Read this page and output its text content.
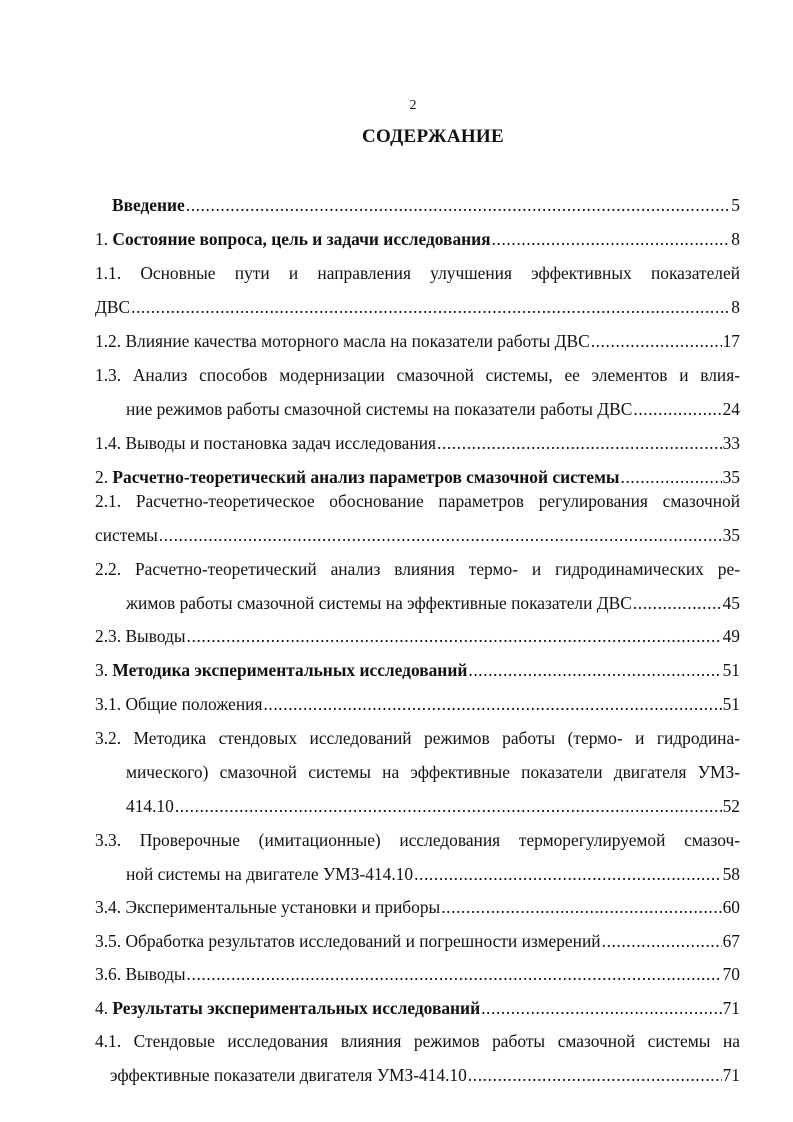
2
СОДЕРЖАНИЕ
Введение .....	5
1. Состояние вопроса, цель и задачи исследования .....	8
1.1. Основные пути и направления улучшения эффективных показателей
ДВС .....	8
1.2. Влияние качества моторного масла на показатели работы ДВС .....	17
1.3. Анализ способов модернизации смазочной системы, ее элементов и влия-
ние режимов работы смазочной системы на показатели работы ДВС .....	24
1.4. Выводы и постановка задач исследования .....	33
2. Расчетно-теоретический анализ параметров смазочной системы .....	35
2.1. Расчетно-теоретическое обоснование параметров регулирования смазочной
системы .....	35
2.2. Расчетно-теоретический анализ влияния термо- и гидродинамических ре-
жимов работы смазочной системы на эффективные показатели ДВС .....	45
2.3. Выводы .....	49
3. Методика экспериментальных исследований .....	51
3.1. Общие положения .....	51
3.2. Методика стендовых исследований режимов работы (термо- и гидродина-
мического) смазочной системы на эффективные показатели двигателя УМЗ-
414.10 .....	52
3.3. Проверочные (имитационные) исследования терморегулируемой смазоч-
ной системы на двигателе УМЗ-414.10 .....	58
3.4. Экспериментальные установки и приборы .....	60
3.5. Обработка результатов исследований и погрешности измерений .....	67
3.6. Выводы .....	70
4. Результаты экспериментальных исследований .....	71
4.1. Стендовые исследования влияния режимов работы смазочной системы на
эффективные показатели двигателя УМЗ-414.10 .....	71
